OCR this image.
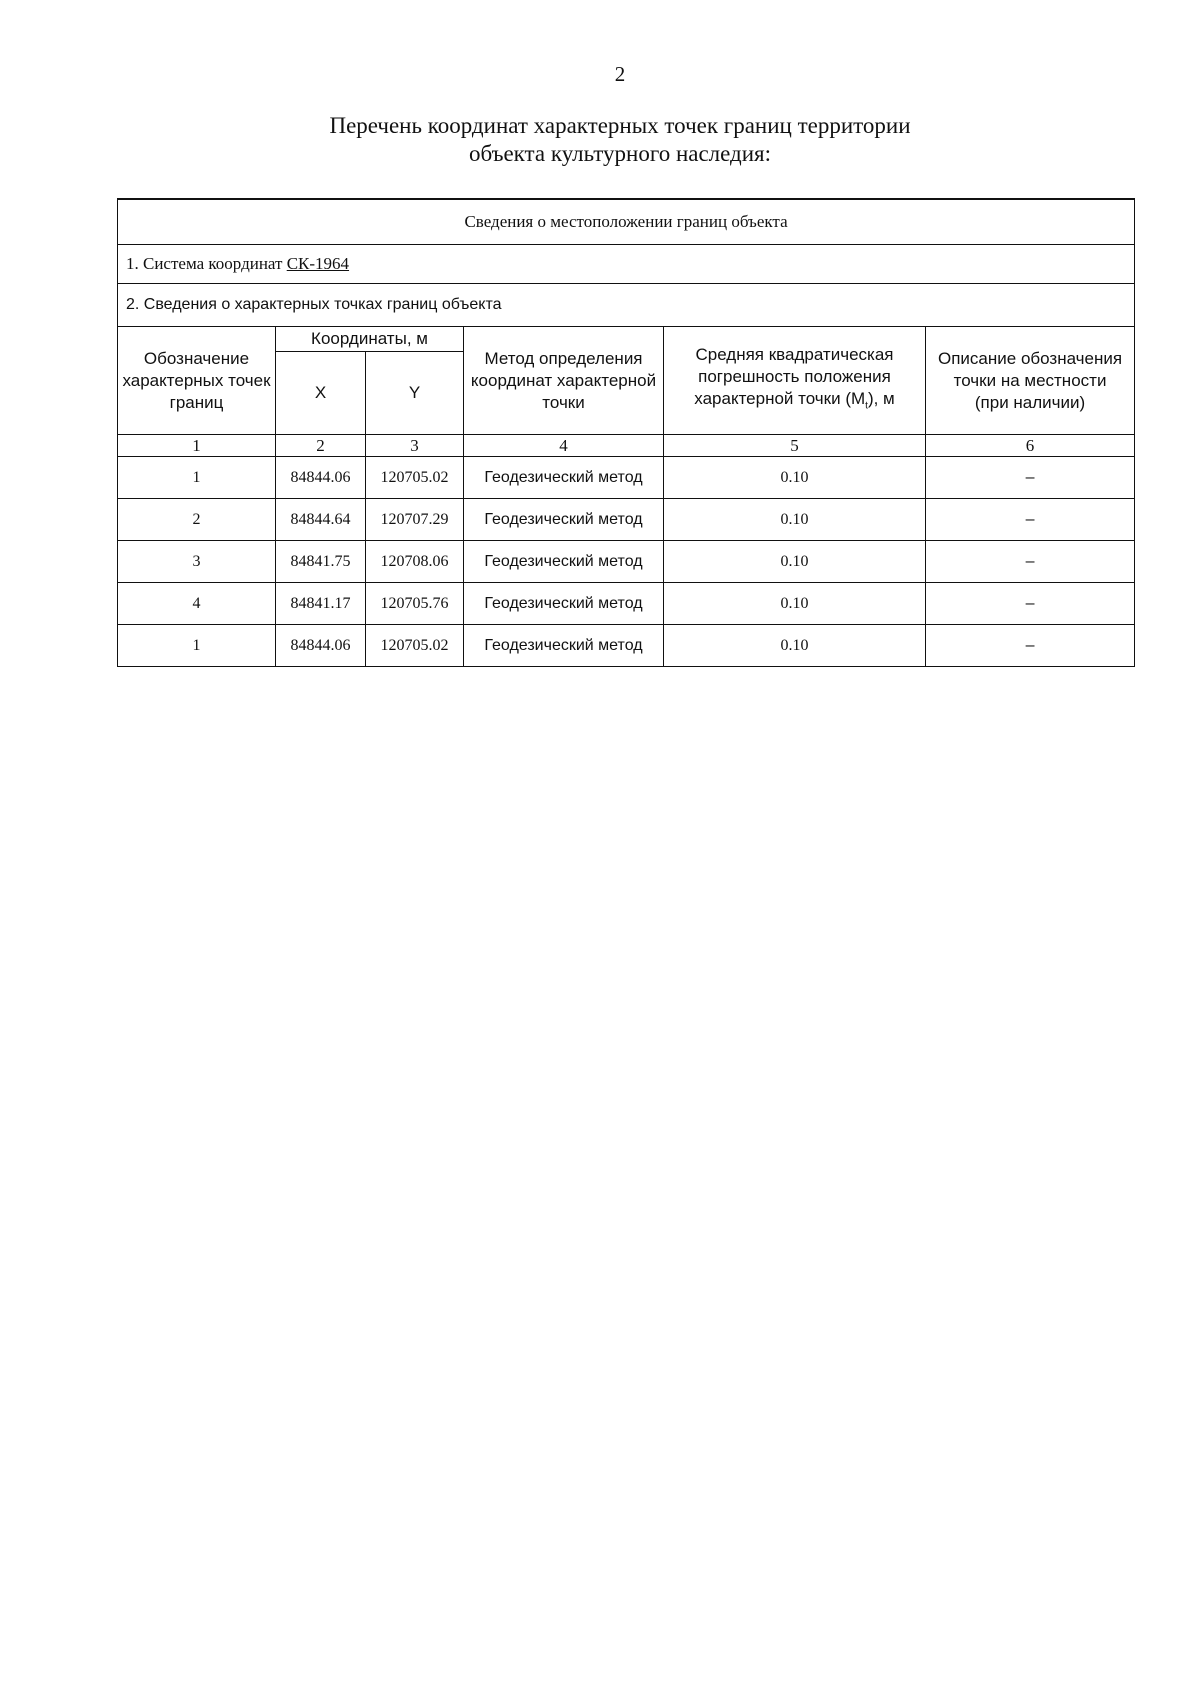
2
Перечень координат характерных точек границ территории
объекта культурного наследия:
Сведения о местоположении границ объекта					
1. Система координат СК-1964					
2. Сведения о характерных точках границ объекта					
Обозначение характерных точек границ	Координаты, м		Метод определения координат характерной точки	Средняя квадратическая погрешность положения характерной точки $(M_t)$, м	Описание обозначения точки на местности (при наличии)
	X	Y			
1	2	3	4	5	6
1	84844.06	120705.02	Геодезический метод	0.10	–
2	84844.64	120707.29	Геодезический метод	0.10	–
3	84841.75	120708.06	Геодезический метод	0.10	–
4	84841.17	120705.76	Геодезический метод	0.10	–
1	84844.06	120705.02	Геодезический метод	0.10	–
